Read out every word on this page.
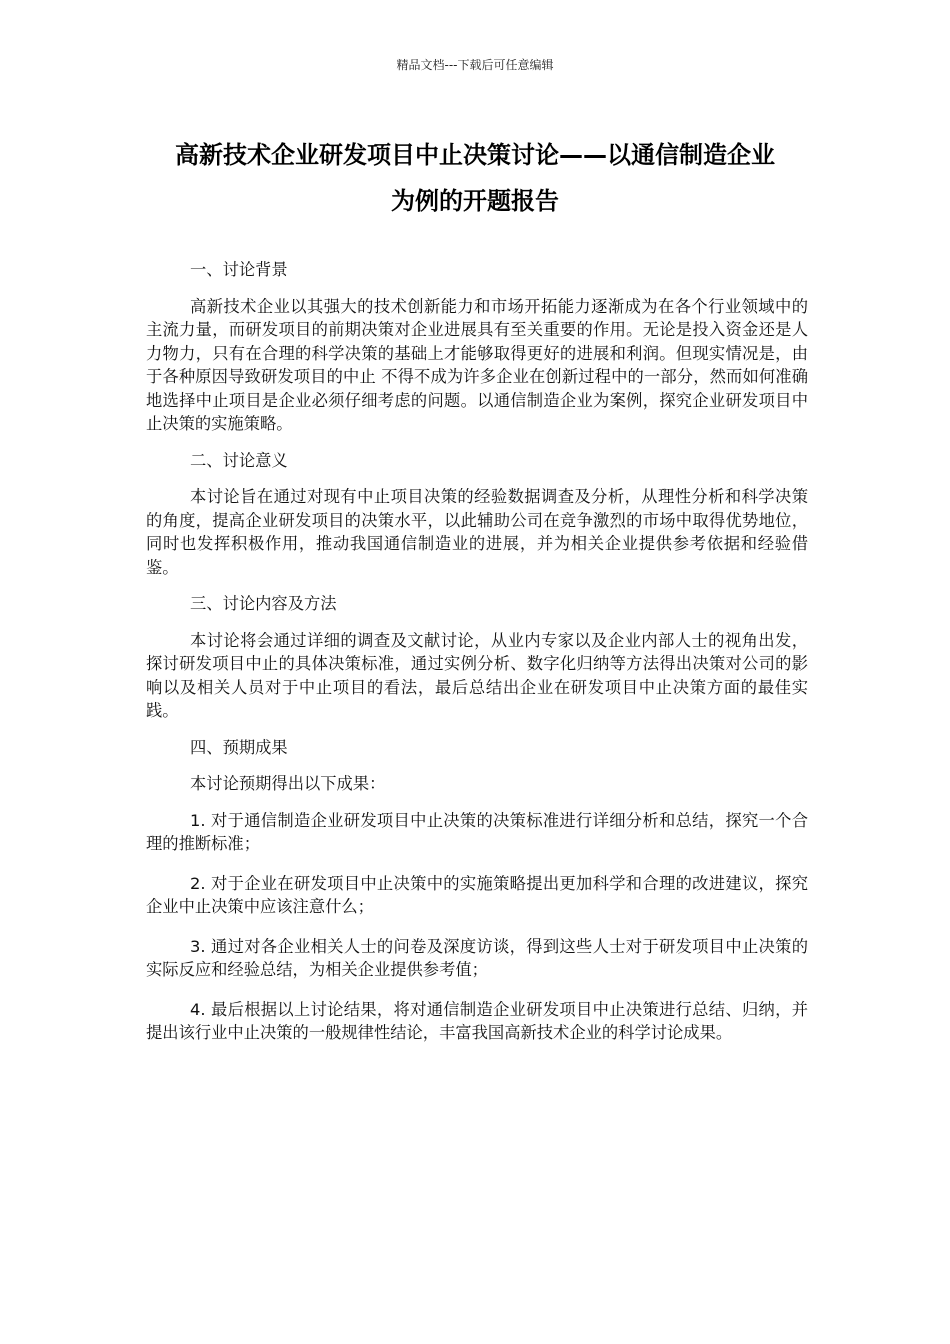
精品文档---下载后可任意编辑
高新技术企业研发项目中止决策讨论——以通信制造企业
为例的开题报告

一、讨论背景

高新技术企业以其强大的技术创新能力和市场开拓能力逐渐成为在各个行业领域中的主流力量，而研发项目的前期决策对企业进展具有至关重要的作用。无论是投入资金还是人力物力，只有在合理的科学决策的基础上才能够取得更好的进展和利润。但现实情况是，由于各种原因导致研发项目的中止 不得不成为许多企业在创新过程中的一部分，然而如何准确地选择中止项目是企业必须仔细考虑的问题。以通信制造企业为案例，探究企业研发项目中止决策的实施策略。

二、讨论意义

本讨论旨在通过对现有中止项目决策的经验数据调查及分析，从理性分析和科学决策的角度，提高企业研发项目的决策水平，以此辅助公司在竞争激烈的市场中取得优势地位，同时也发挥积极作用，推动我国通信制造业的进展，并为相关企业提供参考依据和经验借鉴。

三、讨论内容及方法

本讨论将会通过详细的调查及文献讨论，从业内专家以及企业内部人士的视角出发，探讨研发项目中止的具体决策标准，通过实例分析、数字化归纳等方法得出决策对公司的影响以及相关人员对于中止项目的看法，最后总结出企业在研发项目中止决策方面的最佳实践。

四、预期成果

本讨论预期得出以下成果：

1. 对于通信制造企业研发项目中止决策的决策标准进行详细分析和总结，探究一个合理的推断标准；

2. 对于企业在研发项目中止决策中的实施策略提出更加科学和合理的改进建议，探究企业中止决策中应该注意什么；

3. 通过对各企业相关人士的问卷及深度访谈，得到这些人士对于研发项目中止决策的实际反应和经验总结，为相关企业提供参考值；

4. 最后根据以上讨论结果，将对通信制造企业研发项目中止决策进行总结、归纳，并提出该行业中止决策的一般规律性结论，丰富我国高新技术企业的科学讨论成果。
